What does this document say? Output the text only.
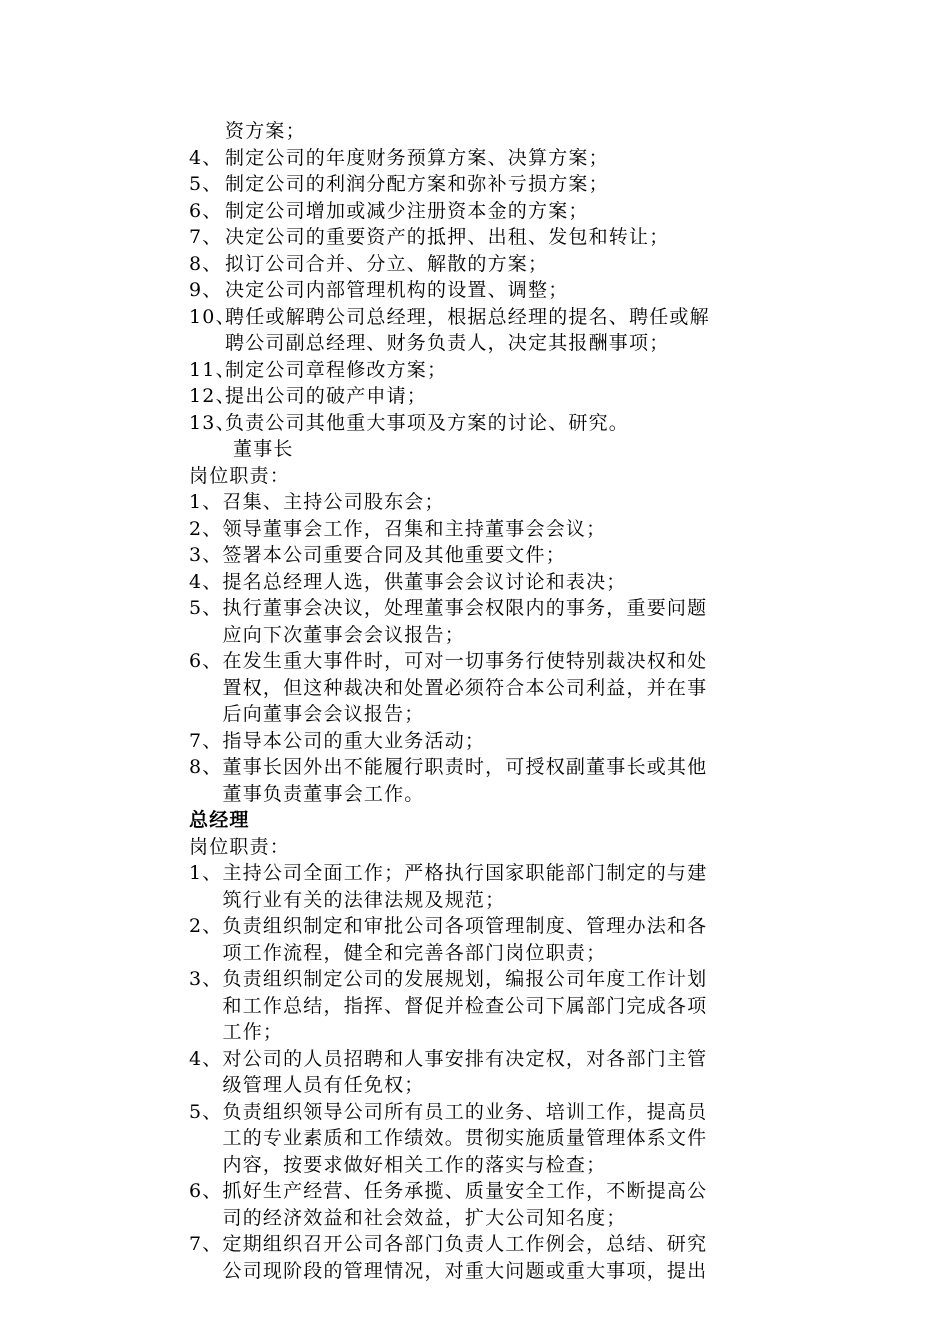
资方案；
4、 制定公司的年度财务预算方案、决算方案；
5、 制定公司的利润分配方案和弥补亏损方案；
6、 制定公司增加或减少注册资本金的方案；
7、 决定公司的重要资产的抵押、出租、发包和转让；
8、 拟订公司合并、分立、解散的方案；
9、 决定公司内部管理机构的设置、调整；
10、
聘任或解聘公司总经理，根据总经理的提名、聘任或解
聘公司副总经理、财务负责人，决定其报酬事项；
11、
制定公司章程修改方案；
12、
提出公司的破产申请；
13、
负责公司其他重大事项及方案的讨论、研究。
董事长
岗位职责：
1、 召集、主持公司股东会；
2、 领导董事会工作，召集和主持董事会会议；
3、 签署本公司重要合同及其他重要文件；
4、 提名总经理人选，供董事会会议讨论和表决；
5、 执行董事会决议，处理董事会权限内的事务，重要问题
应向下次董事会会议报告；
6、 在发生重大事件时，可对一切事务行使特别裁决权和处
置权，但这种裁决和处置必须符合本公司利益，并在事
后向董事会会议报告；
7、 指导本公司的重大业务活动；
8、 董事长因外出不能履行职责时，可授权副董事长或其他
董事负责董事会工作。
总经理
岗位职责：
1、 主持公司全面工作；严格执行国家职能部门制定的与建
筑行业有关的法律法规及规范；
2、 负责组织制定和审批公司各项管理制度、管理办法和各
项工作流程，健全和完善各部门岗位职责；
3、 负责组织制定公司的发展规划，编报公司年度工作计划
和工作总结，指挥、督促并检查公司下属部门完成各项
工作；
4、 对公司的人员招聘和人事安排有决定权，对各部门主管
级管理人员有任免权；
5、 负责组织领导公司所有员工的业务、培训工作，提高员
工的专业素质和工作绩效。贯彻实施质量管理体系文件
内容，按要求做好相关工作的落实与检查；
6、 抓好生产经营、任务承揽、质量安全工作，不断提高公
司的经济效益和社会效益，扩大公司知名度；
7、 定期组织召开公司各部门负责人工作例会，总结、研究
公司现阶段的管理情况，对重大问题或重大事项，提出
